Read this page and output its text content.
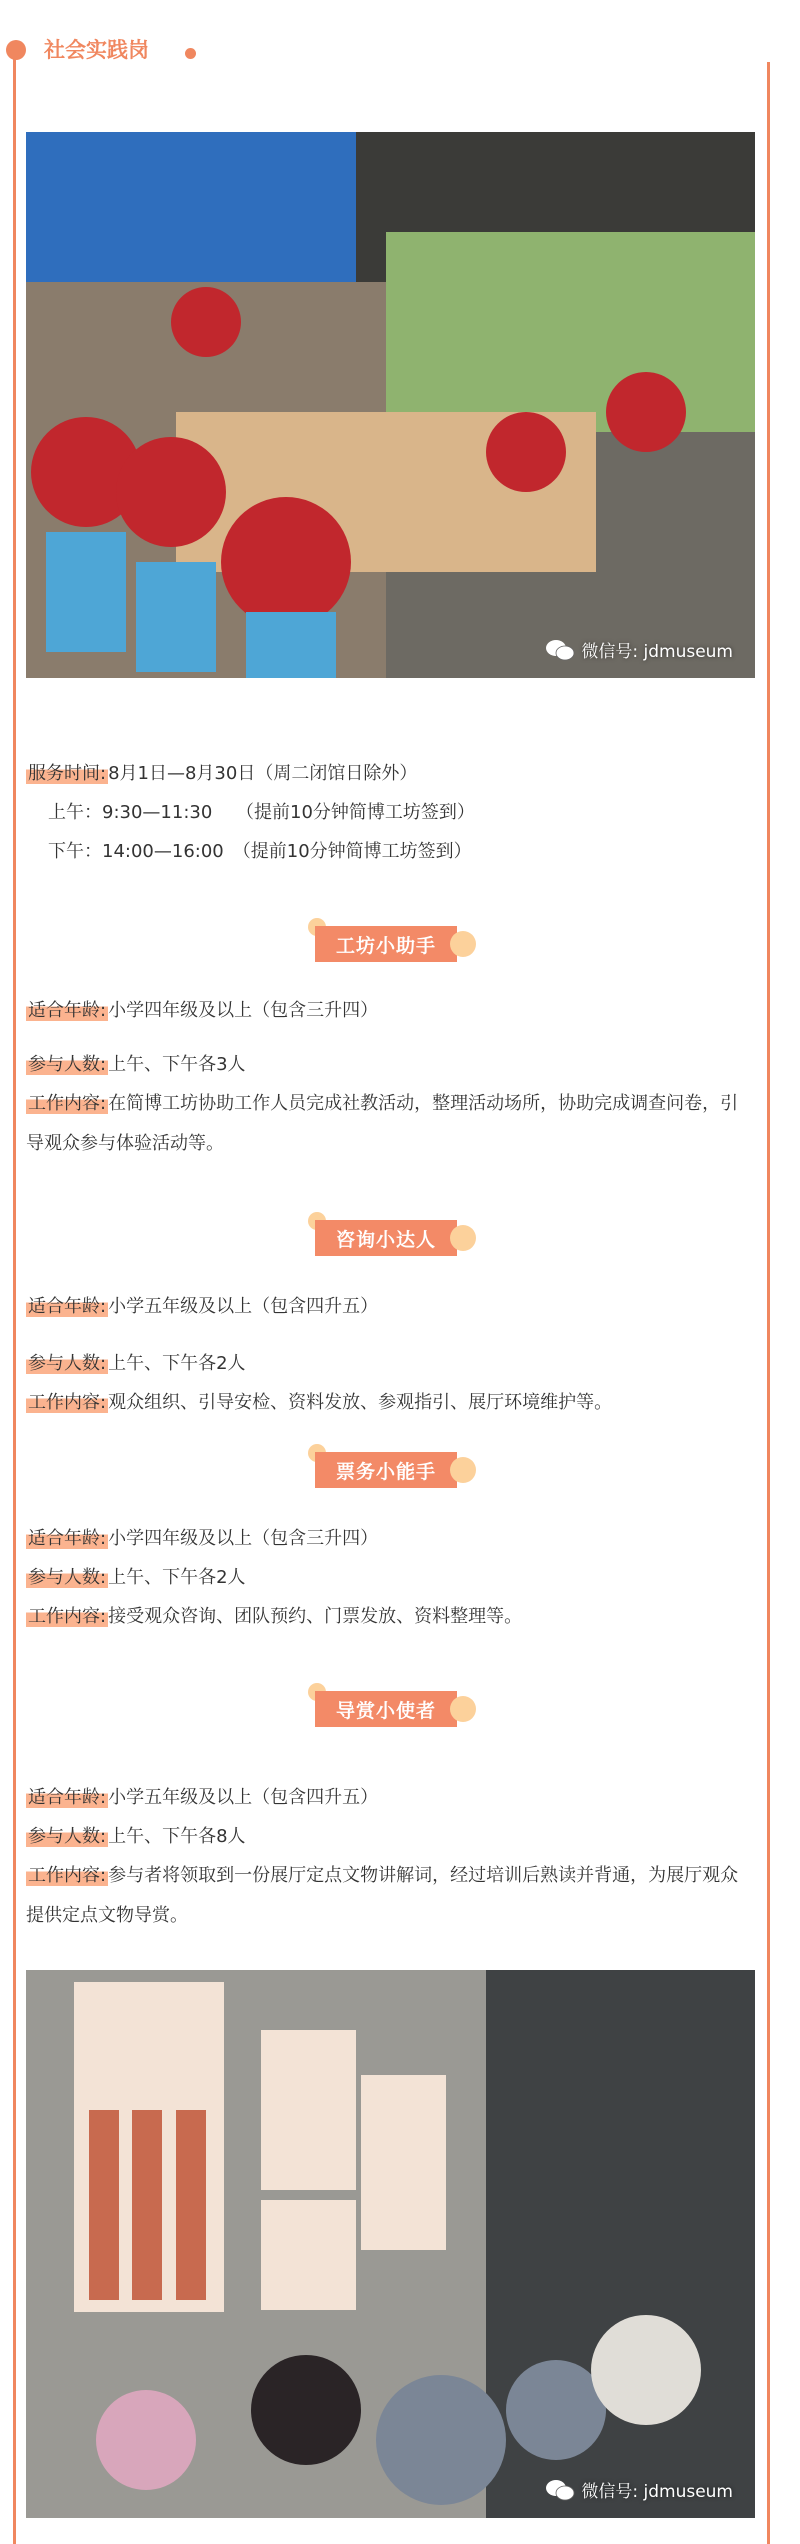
社会实践岗
微信号: jdmuseum
服务时间: 8月1日—8月30日（周二闭馆日除外）
上午：9:30—11:30　 （提前10分钟简博工坊签到）
下午：14:00—16:00　（提前10分钟简博工坊签到）
工坊小助手
适合年龄: 小学四年级及以上（包含三升四）
参与人数: 上午、下午各3人
工作内容: 在简博工坊协助工作人员完成社教活动，整理活动场所，协助完成调查问卷，引导观众参与体验活动等。
咨询小达人
适合年龄: 小学五年级及以上（包含四升五）
参与人数: 上午、下午各2人
工作内容: 观众组织、引导安检、资料发放、参观指引、展厅环境维护等。
票务小能手
适合年龄: 小学四年级及以上（包含三升四）
参与人数: 上午、下午各2人
工作内容: 接受观众咨询、团队预约、门票发放、资料整理等。
导赏小使者
适合年龄: 小学五年级及以上（包含四升五）
参与人数: 上午、下午各8人
工作内容: 参与者将领取到一份展厅定点文物讲解词，经过培训后熟读并背通，为展厅观众提供定点文物导赏。
微信号: jdmuseum
